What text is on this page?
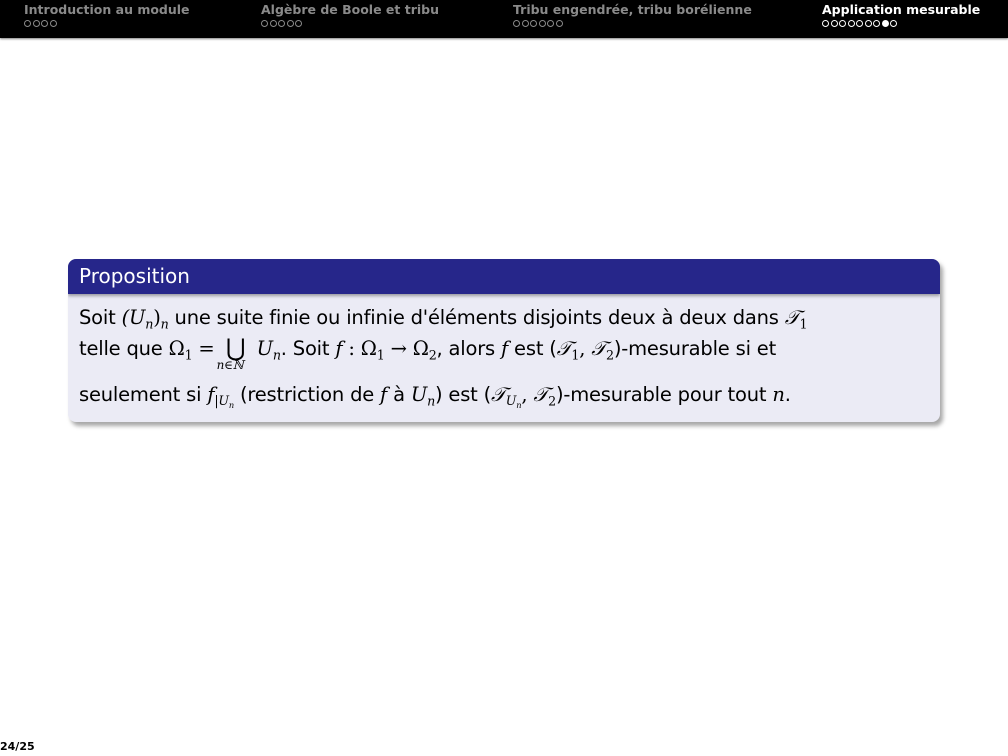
Introduction au module	Algèbre de Boole et tribu	Tribu engendrée, tribu borélienne	Application mesurable
Proposition
Soit $(U_n)_n$ une suite finie ou infinie d'éléments disjoints deux à deux dans 𝒯$_1$
telle que $\Omega_1$ = ⋃
n∈ℕ
$U_n$. Soit f : $\Omega_1 \to \Omega_2$, alors f est (𝒯$_1$, 𝒯$_2$)-mesurable si et
seulement si $f_{|U_n}$ (restriction de f à $U_n$) est (𝒯$_{U_n}$, 𝒯$_2$)-mesurable pour tout n.
24/25
